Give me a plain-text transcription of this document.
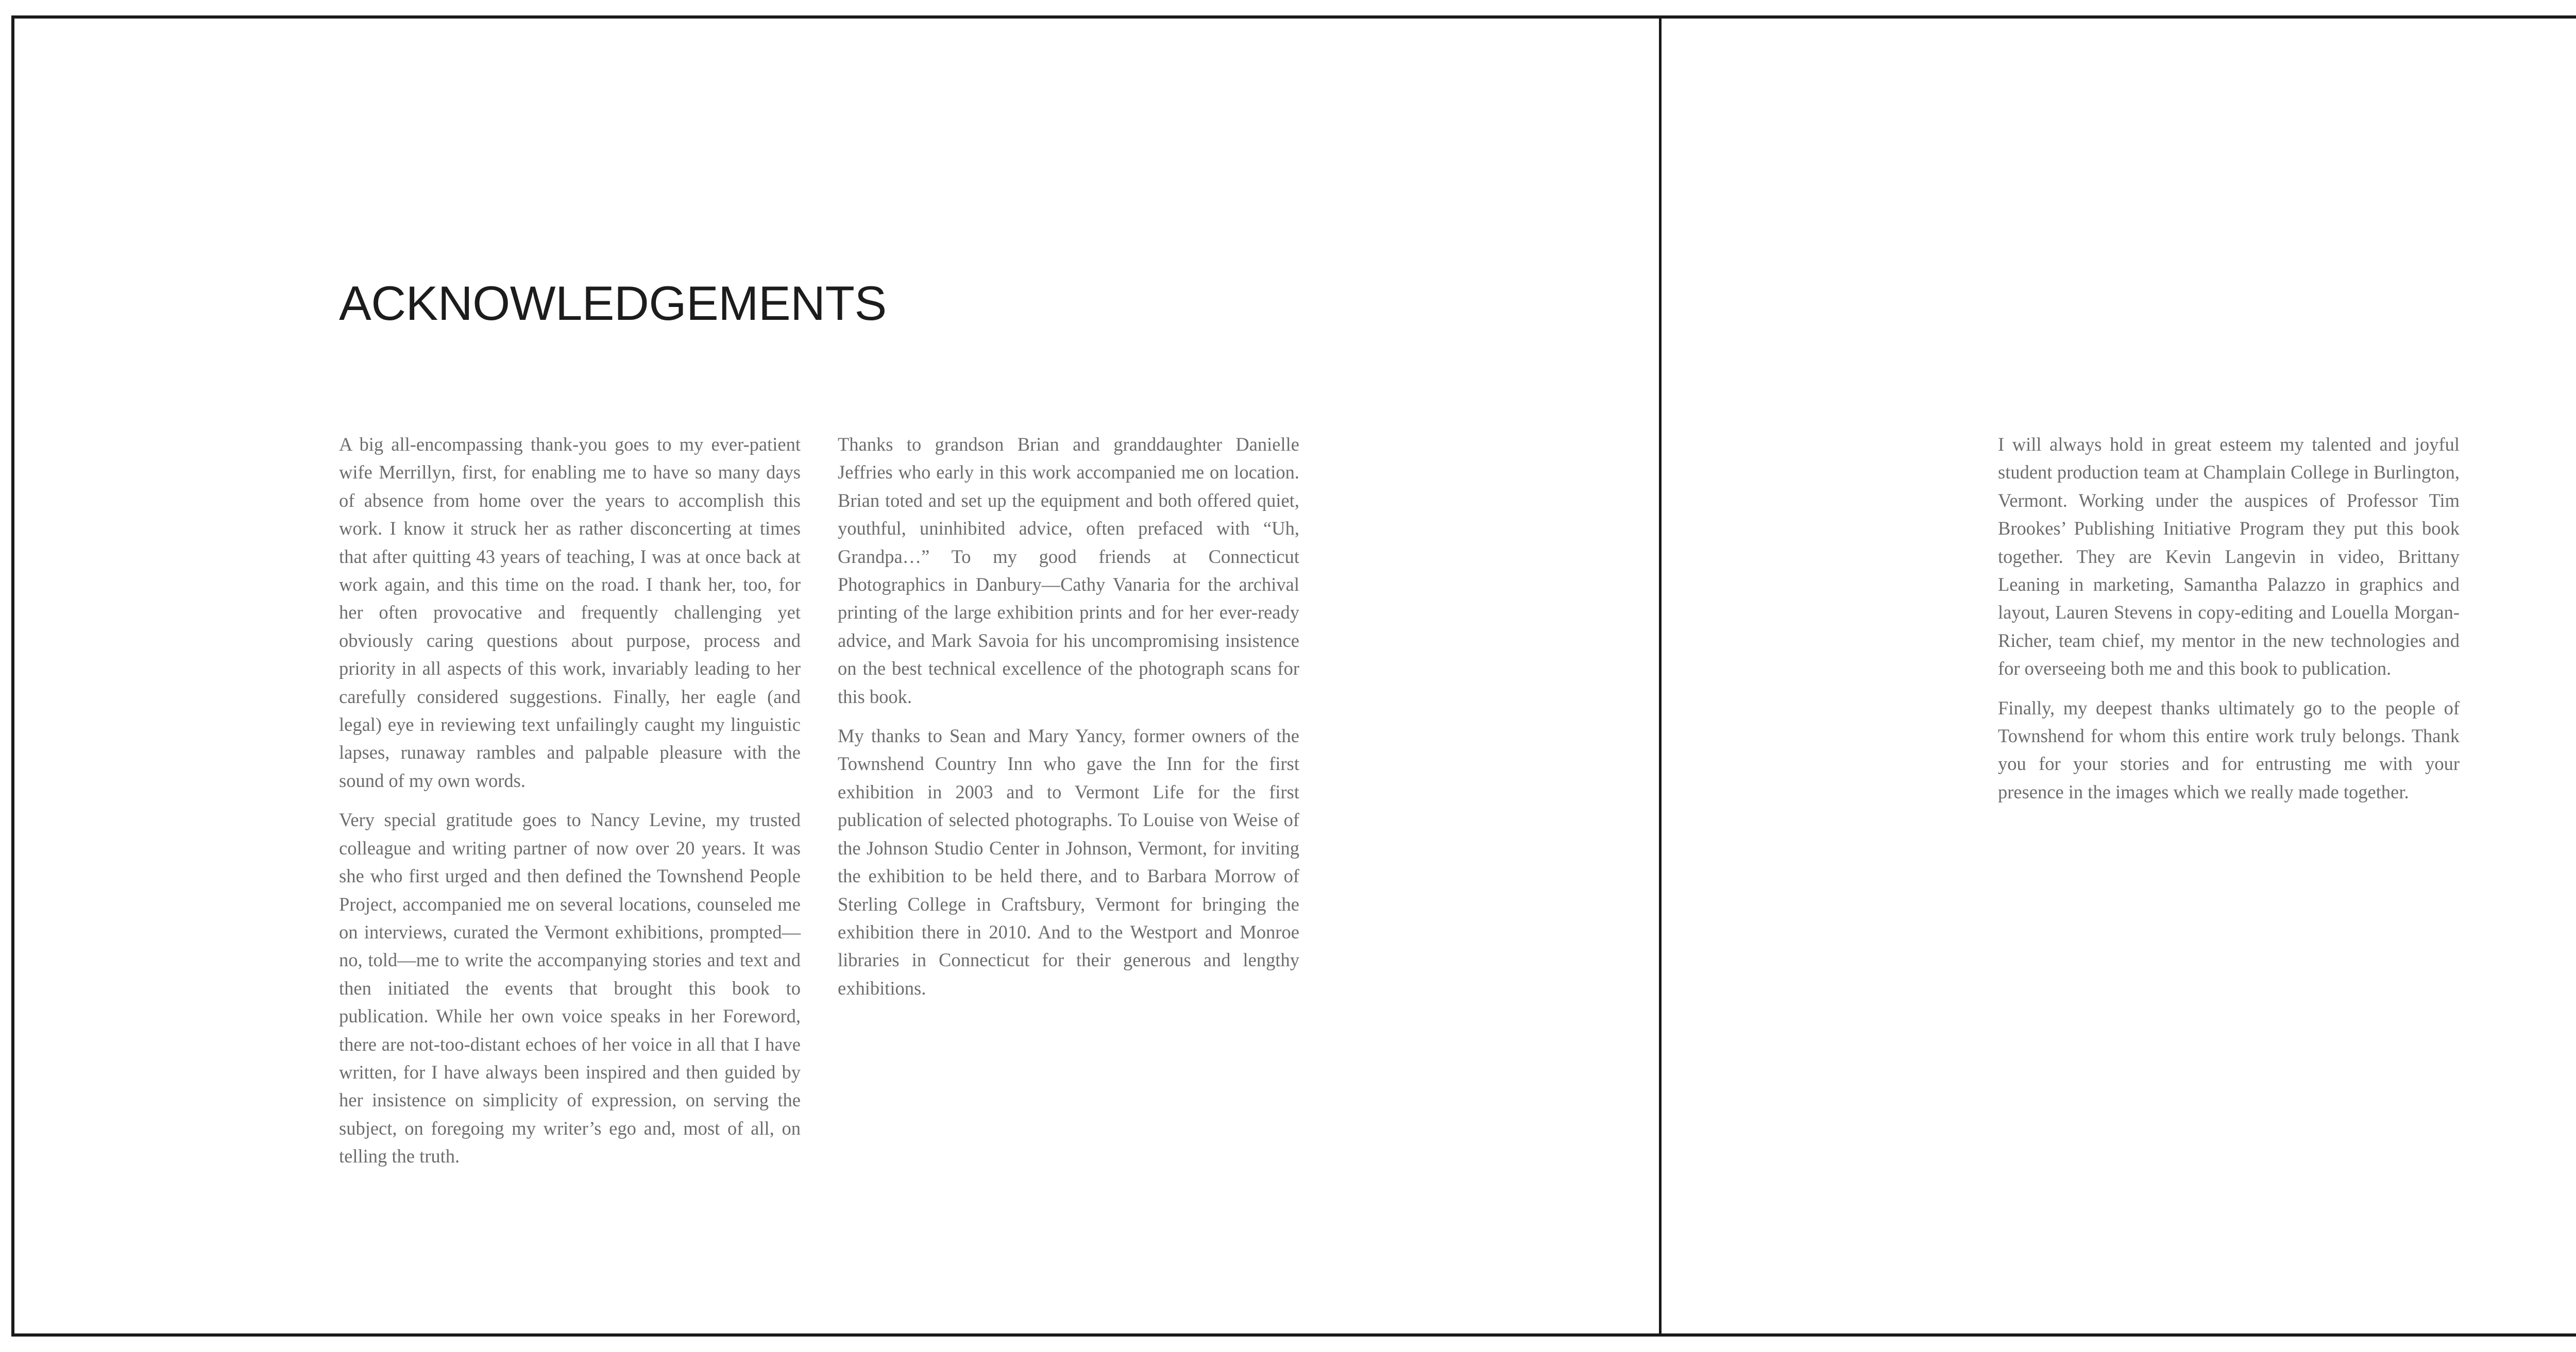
ACKNOWLEDGEMENTS

A big all-encompassing thank-you goes to my ever-patient wife Merrillyn, first, for enabling me to have so many days of absence from home over the years to accomplish this work. I know it struck her as rather disconcerting at times that after quitting 43 years of teaching, I was at once back at work again, and this time on the road. I thank her, too, for her often provocative and frequently challenging yet obviously caring questions about purpose, process and priority in all aspects of this work, invariably leading to her carefully considered suggestions. Finally, her eagle (and legal) eye in reviewing text unfailingly caught my linguistic lapses, runaway rambles and palpable pleasure with the sound of my own words.

Very special gratitude goes to Nancy Levine, my trusted colleague and writing partner of now over 20 years. It was she who first urged and then defined the Townshend People Project, accompanied me on several locations, counseled me on interviews, curated the Vermont exhibitions, prompted—no, told—me to write the accompanying stories and text and then initiated the events that brought this book to publication. While her own voice speaks in her Foreword, there are not-too-distant echoes of her voice in all that I have written, for I have always been inspired and then guided by her insistence on simplicity of expression, on serving the subject, on foregoing my writer’s ego and, most of all, on telling the truth.

Thanks to grandson Brian and granddaughter Danielle Jeffries who early in this work accompanied me on location. Brian toted and set up the equipment and both offered quiet, youthful, uninhibited advice, often prefaced with “Uh, Grandpa…” To my good friends at Connecticut Photographics in Danbury—Cathy Vanaria for the archival printing of the large exhibition prints and for her ever-ready advice, and Mark Savoia for his uncompromising insistence on the best technical excellence of the photograph scans for this book.

My thanks to Sean and Mary Yancy, former owners of the Townshend Country Inn who gave the Inn for the first exhibition in 2003 and to Vermont Life for the first publication of selected photographs. To Louise von Weise of the Johnson Studio Center in Johnson, Vermont, for inviting the exhibition to be held there, and to Barbara Morrow of Sterling College in Craftsbury, Vermont for bringing the exhibition there in 2010. And to the Westport and Monroe libraries in Connecticut for their generous and lengthy exhibitions.

I will always hold in great esteem my talented and joyful student production team at Champlain College in Burlington, Vermont. Working under the auspices of Professor Tim Brookes’ Publishing Initiative Program they put this book together. They are Kevin Langevin in video, Brittany Leaning in marketing, Samantha Palazzo in graphics and layout, Lauren Stevens in copy-editing and Louella Morgan-Richer, team chief, my mentor in the new technologies and for overseeing both me and this book to publication.

Finally, my deepest thanks ultimately go to the people of Townshend for whom this entire work truly belongs. Thank you for your stories and for entrusting me with your presence in the images which we really made together.
